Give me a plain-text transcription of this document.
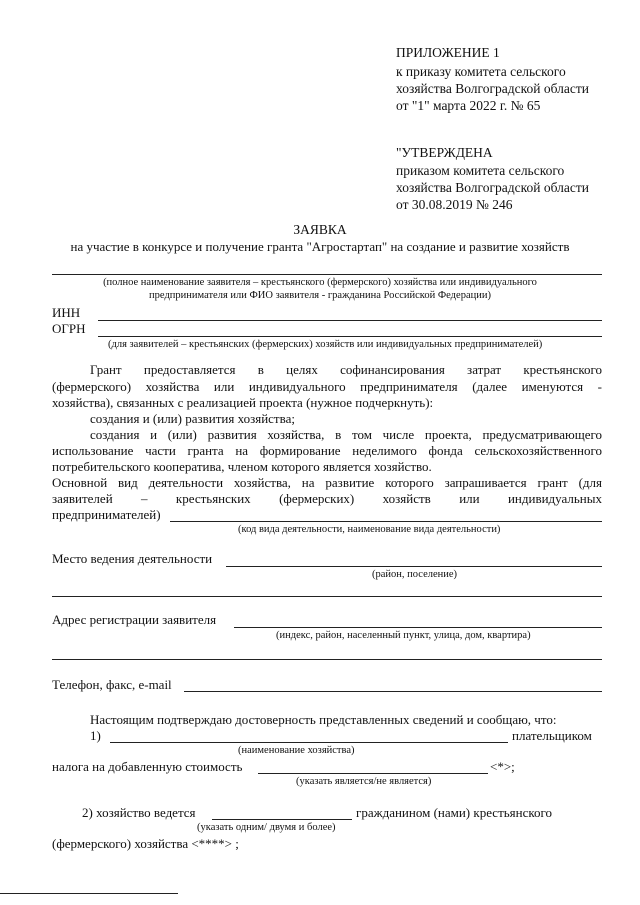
ПРИЛОЖЕНИЕ 1
к приказу комитета сельского
хозяйства Волгоградской области
от "1" марта 2022 г. № 65
"УТВЕРЖДЕНА
приказом комитета сельского
хозяйства Волгоградской области
от 30.08.2019 № 246
ЗАЯВКА
на участие в конкурсе и получение гранта "Агростартап" на создание и развитие хозяйств
(полное наименование заявителя – крестьянского (фермерского) хозяйства или индивидуального
предпринимателя или ФИО заявителя - гражданина Российской Федерации)
ИНН
ОГРН
(для заявителей – крестьянских (фермерских) хозяйств или индивидуальных предпринимателей)
Грант предоставляется в целях софинансирования затрат крестьянского
(фермерского) хозяйства или индивидуального предпринимателя (далее именуются -
хозяйства), связанных с реализацией проекта (нужное подчеркнуть):
создания и (или) развития хозяйства;
создания и (или) развития хозяйства, в том числе проекта, предусматривающего
использование части гранта на формирование неделимого фонда сельскохозяйственного
потребительского кооператива, членом которого является хозяйство.
Основной вид деятельности хозяйства, на развитие которого запрашивается грант (для
заявителей – крестьянских (фермерских) хозяйств или индивидуальных
предпринимателей)
(код вида деятельности, наименование вида деятельности)
Место ведения деятельности
(район, поселение)
Адрес регистрации заявителя
(индекс, район, населенный пункт, улица, дом, квартира)
Телефон, факс, e-mail
Настоящим подтверждаю достоверность представленных сведений и сообщаю, что:
1)	плательщиком
(наименование хозяйства)
налога на добавленную стоимость	<*>;
(указать является/не является)
2) хозяйство ведется	гражданином (нами) крестьянского
(указать одним/ двумя и более)
(фермерского) хозяйства <****> ;
